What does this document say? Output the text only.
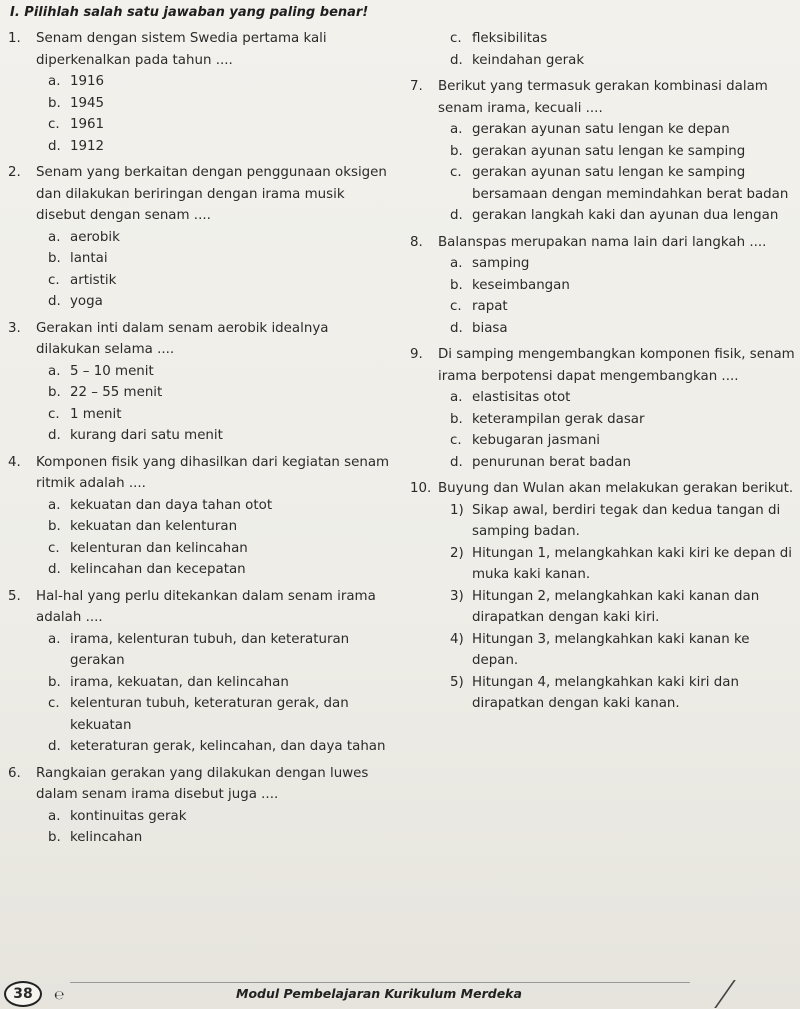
I. Pilihlah salah satu jawaban yang paling benar!
1.	Senam dengan sistem Swedia pertama kali diperkenalkan pada tahun ....
a. 1916
b. 1945
c. 1961
d. 1912
2.	Senam yang berkaitan dengan penggunaan oksigen dan dilakukan beriringan dengan irama musik disebut dengan senam ....
a. aerobik
b. lantai
c. artistik
d. yoga
3.	Gerakan inti dalam senam aerobik idealnya dilakukan selama ....
a. 5 – 10 menit
b. 22 – 55 menit
c. 1 menit
d. kurang dari satu menit
4.	Komponen fisik yang dihasilkan dari kegiatan senam ritmik adalah ....
a. kekuatan dan daya tahan otot
b. kekuatan dan kelenturan
c. kelenturan dan kelincahan
d. kelincahan dan kecepatan
5.	Hal-hal yang perlu ditekankan dalam senam irama adalah ....
a. irama, kelenturan tubuh, dan keteraturan gerakan
b. irama, kekuatan, dan kelincahan
c. kelenturan tubuh, keteraturan gerak, dan kekuatan
d. keteraturan gerak, kelincahan, dan daya tahan
6.	Rangkaian gerakan yang dilakukan dengan luwes dalam senam irama disebut juga ....
a. kontinuitas gerak
b. kelincahan
c. fleksibilitas
d. keindahan gerak
7.	Berikut yang termasuk gerakan kombinasi dalam senam irama, kecuali ....
a. gerakan ayunan satu lengan ke depan
b. gerakan ayunan satu lengan ke samping
c. gerakan ayunan satu lengan ke samping bersamaan dengan memindahkan berat badan
d. gerakan langkah kaki dan ayunan dua lengan
8.	Balanspas merupakan nama lain dari langkah ....
a. samping
b. keseimbangan
c. rapat
d. biasa
9.	Di samping mengembangkan komponen fisik, senam irama berpotensi dapat mengembangkan ....
a. elastisitas otot
b. keterampilan gerak dasar
c. kebugaran jasmani
d. penurunan berat badan
10. Buyung dan Wulan akan melakukan gerakan berikut.
1) Sikap awal, berdiri tegak dan kedua tangan di samping badan.
2) Hitungan 1, melangkahkan kaki kiri ke depan di muka kaki kanan.
3) Hitungan 2, melangkahkan kaki kanan dan dirapatkan dengan kaki kiri.
4) Hitungan 3, melangkahkan kaki kanan ke depan.
5) Hitungan 4, melangkahkan kaki kiri dan dirapatkan dengan kaki kanan.
38	℮	Modul Pembelajaran Kurikulum Merdeka
